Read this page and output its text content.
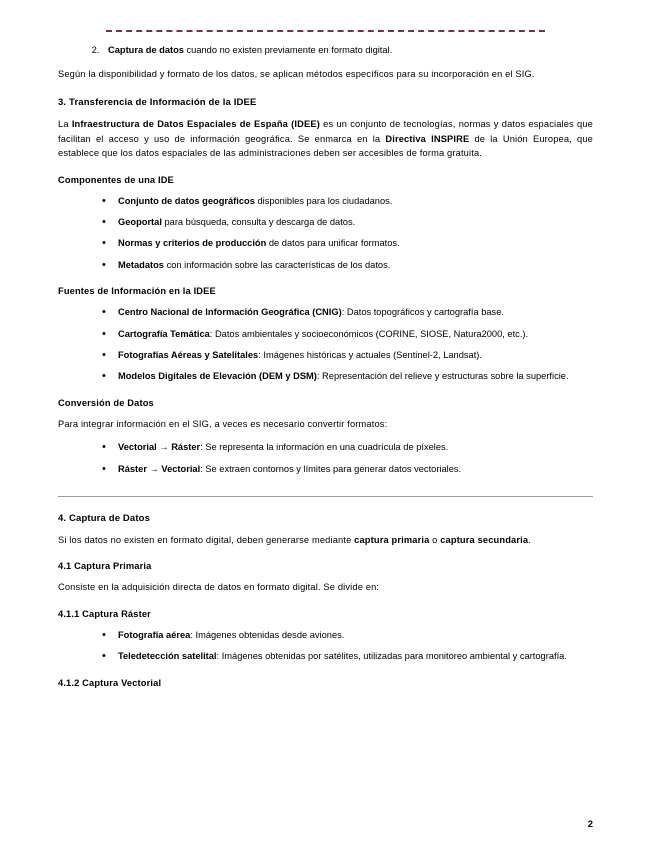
2. Captura de datos cuando no existen previamente en formato digital.

Según la disponibilidad y formato de los datos, se aplican métodos específicos para su incorporación en el SIG.

3. Transferencia de Información de la IDEE

La Infraestructura de Datos Espaciales de España (IDEE) es un conjunto de tecnologías, normas y datos espaciales que facilitan el acceso y uso de información geográfica. Se enmarca en la Directiva INSPIRE de la Unión Europea, que establece que los datos espaciales de las administraciones deben ser accesibles de forma gratuita.

Componentes de una IDE
• Conjunto de datos geográficos disponibles para los ciudadanos.
• Geoportal para búsqueda, consulta y descarga de datos.
• Normas y criterios de producción de datos para unificar formatos.
• Metadatos con información sobre las características de los datos.
Fuentes de Información en la IDEE
• Centro Nacional de Información Geográfica (CNIG): Datos topográficos y cartografía base.
• Cartografía Temática: Datos ambientales y socioeconómicos (CORINE, SIOSE, Natura2000, etc.).
• Fotografías Aéreas y Satelitales: Imágenes históricas y actuales (Sentinel-2, Landsat).
• Modelos Digitales de Elevación (DEM y DSM): Representación del relieve y estructuras sobre la superficie.
Conversión de Datos

Para integrar información en el SIG, a veces es necesario convertir formatos:

• Vectorial → Ráster: Se representa la información en una cuadrícula de píxeles.
• Ráster → Vectorial: Se extraen contornos y límites para generar datos vectoriales.
4. Captura de Datos

Si los datos no existen en formato digital, deben generarse mediante captura primaria o captura secundaria.

4.1 Captura Primaria

Consiste en la adquisición directa de datos en formato digital. Se divide en:

4.1.1 Captura Ráster
• Fotografía aérea: Imágenes obtenidas desde aviones.
• Teledetección satelital: Imágenes obtenidas por satélites, utilizadas para monitoreo ambiental y cartografía.
4.1.2 Captura Vectorial
2
